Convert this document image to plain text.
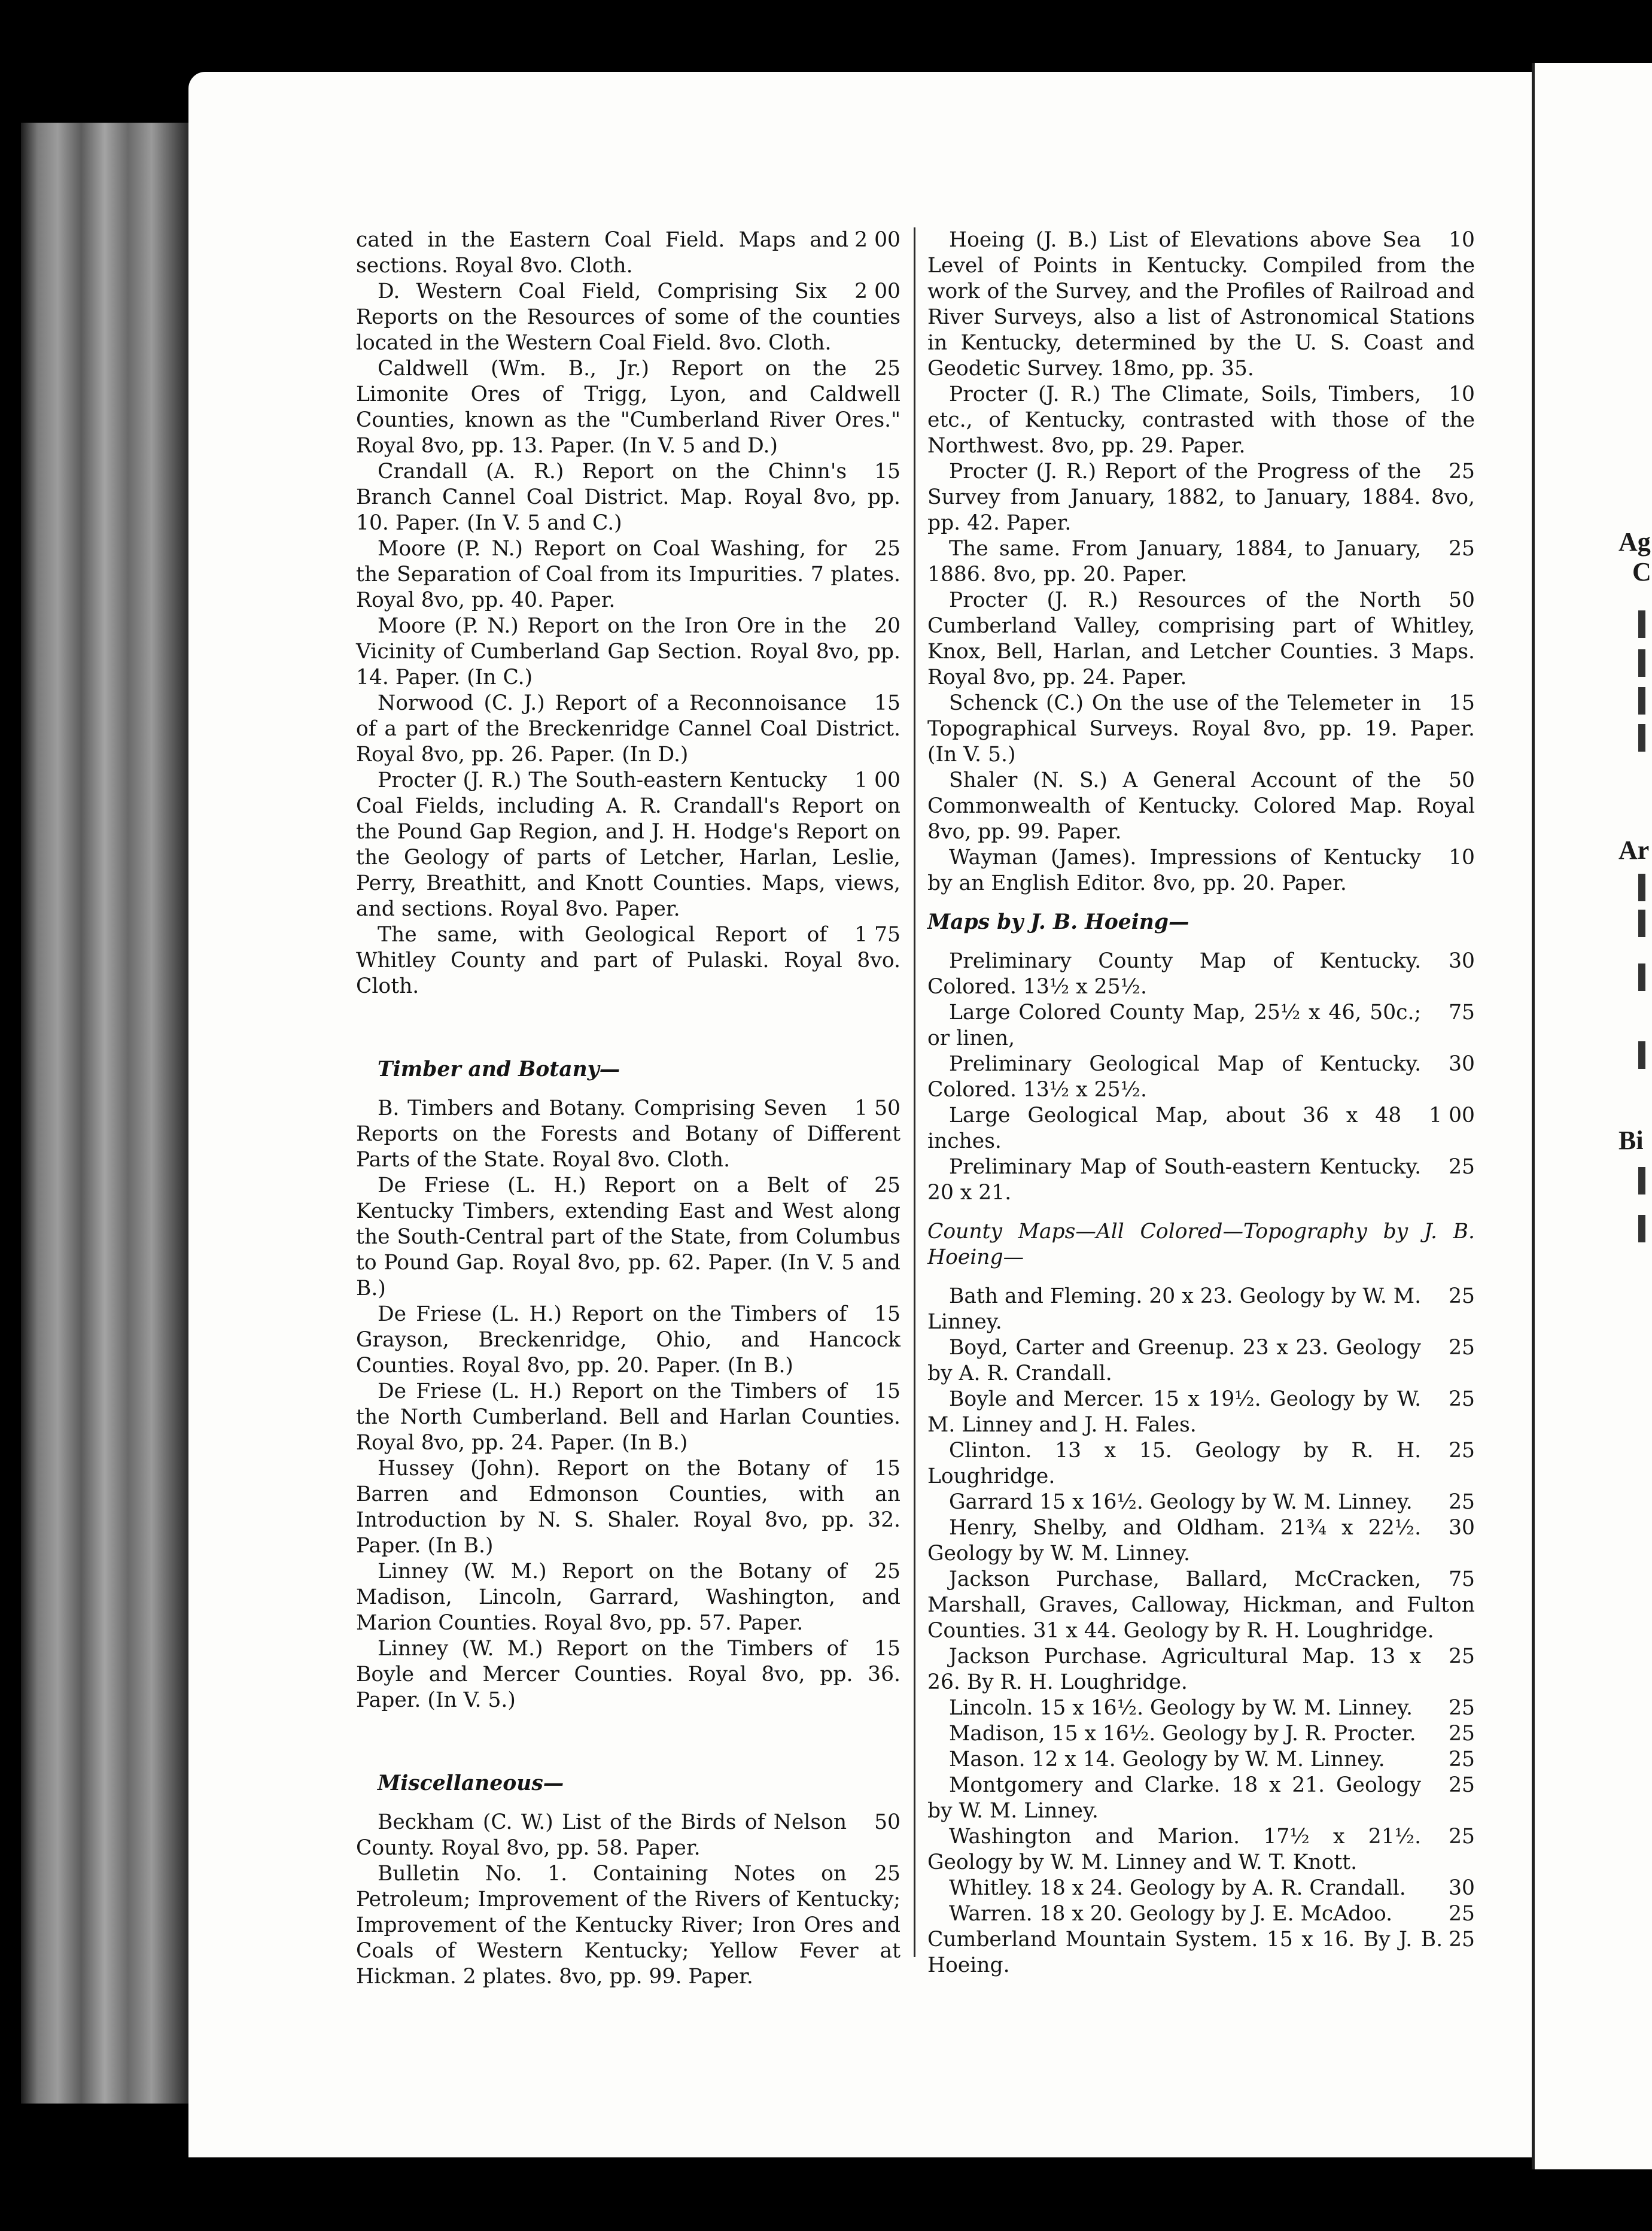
Ag
C
Ar
Bi

2 00
cated in the Eastern Coal Field. Maps and sections. Royal 8vo. Cloth.

2 00
D. Western Coal Field, Comprising Six Reports on the Resources of some of the counties located in the Western Coal Field. 8vo. Cloth.

25
Caldwell (Wm. B., Jr.) Report on the Limonite Ores of Trigg, Lyon, and Caldwell Counties, known as the "Cumberland River Ores." Royal 8vo, pp. 13. Paper. (In V. 5 and D.)

15
Crandall (A. R.) Report on the Chinn's Branch Cannel Coal District. Map. Royal 8vo, pp. 10. Paper. (In V. 5 and C.)

25
Moore (P. N.) Report on Coal Washing, for the Separation of Coal from its Impurities. 7 plates. Royal 8vo, pp. 40. Paper.

20
Moore (P. N.) Report on the Iron Ore in the Vicinity of Cumberland Gap Section. Royal 8vo, pp. 14. Paper. (In C.)

15
Norwood (C. J.) Report of a Reconnoisance of a part of the Breckenridge Cannel Coal District. Royal 8vo, pp. 26. Paper. (In D.)

1 00
Procter (J. R.) The South-eastern Kentucky Coal Fields, including A. R. Crandall's Report on the Pound Gap Region, and J. H. Hodge's Report on the Geology of parts of Letcher, Harlan, Leslie, Perry, Breathitt, and Knott Counties. Maps, views, and sections. Royal 8vo. Paper.

1 75
The same, with Geological Report of Whitley County and part of Pulaski. Royal 8vo. Cloth.

Timber and Botany—

1 50
B. Timbers and Botany. Comprising Seven Reports on the Forests and Botany of Different Parts of the State. Royal 8vo. Cloth.

25
De Friese (L. H.) Report on a Belt of Kentucky Timbers, extending East and West along the South-Central part of the State, from Columbus to Pound Gap. Royal 8vo, pp. 62. Paper. (In V. 5 and B.)

15
De Friese (L. H.) Report on the Timbers of Grayson, Breckenridge, Ohio, and Hancock Counties. Royal 8vo, pp. 20. Paper. (In B.)

15
De Friese (L. H.) Report on the Timbers of the North Cumberland. Bell and Harlan Counties. Royal 8vo, pp. 24. Paper. (In B.)

15
Hussey (John). Report on the Botany of Barren and Edmonson Counties, with an Introduction by N. S. Shaler. Royal 8vo, pp. 32. Paper. (In B.)

25
Linney (W. M.) Report on the Botany of Madison, Lincoln, Garrard, Washington, and Marion Counties. Royal 8vo, pp. 57. Paper.

15
Linney (W. M.) Report on the Timbers of Boyle and Mercer Counties. Royal 8vo, pp. 36. Paper. (In V. 5.)

Miscellaneous—

50
Beckham (C. W.) List of the Birds of Nelson County. Royal 8vo, pp. 58. Paper.

25
Bulletin No. 1. Containing Notes on Petroleum; Improvement of the Rivers of Kentucky; Improvement of the Kentucky River; Iron Ores and Coals of Western Kentucky; Yellow Fever at Hickman. 2 plates. 8vo, pp. 99. Paper.

10
Hoeing (J. B.) List of Elevations above Sea Level of Points in Kentucky. Compiled from the work of the Survey, and the Profiles of Railroad and River Surveys, also a list of Astronomical Stations in Kentucky, determined by the U. S. Coast and Geodetic Survey. 18mo, pp. 35.

10
Procter (J. R.) The Climate, Soils, Timbers, etc., of Kentucky, contrasted with those of the Northwest. 8vo, pp. 29. Paper.

25
Procter (J. R.) Report of the Progress of the Survey from January, 1882, to January, 1884. 8vo, pp. 42. Paper.

25
The same. From January, 1884, to January, 1886. 8vo, pp. 20. Paper.

50
Procter (J. R.) Resources of the North Cumberland Valley, comprising part of Whitley, Knox, Bell, Harlan, and Letcher Counties. 3 Maps. Royal 8vo, pp. 24. Paper.

15
Schenck (C.) On the use of the Telemeter in Topographical Surveys. Royal 8vo, pp. 19. Paper. (In V. 5.)

50
Shaler (N. S.) A General Account of the Commonwealth of Kentucky. Colored Map. Royal 8vo, pp. 99. Paper.

10
Wayman (James). Impressions of Kentucky by an English Editor. 8vo, pp. 20. Paper.

Maps by J. B. Hoeing—

30
Preliminary County Map of Kentucky. Colored. 13½ x 25½.

75
Large Colored County Map, 25½ x 46, 50c.; or linen,

30
Preliminary Geological Map of Kentucky. Colored. 13½ x 25½.

1 00
Large Geological Map, about 36 x 48 inches.

25
Preliminary Map of South-eastern Kentucky. 20 x 21.

County Maps—All Colored—Topography by J. B. Hoeing—

25
Bath and Fleming. 20 x 23. Geology by W. M. Linney.

25
Boyd, Carter and Greenup. 23 x 23. Geology by A. R. Crandall.

25
Boyle and Mercer. 15 x 19½. Geology by W. M. Linney and J. H. Fales.

25
Clinton. 13 x 15. Geology by R. H. Loughridge.

25
Garrard 15 x 16½. Geology by W. M. Linney.

30
Henry, Shelby, and Oldham. 21¾ x 22½. Geology by W. M. Linney.

75
Jackson Purchase, Ballard, McCracken, Marshall, Graves, Calloway, Hickman, and Fulton Counties. 31 x 44. Geology by R. H. Loughridge.

25
Jackson Purchase. Agricultural Map. 13 x 26. By R. H. Loughridge.

25
Lincoln. 15 x 16½. Geology by W. M. Linney.

25
Madison, 15 x 16½. Geology by J. R. Procter.

25
Mason. 12 x 14. Geology by W. M. Linney.

25
Montgomery and Clarke. 18 x 21. Geology by W. M. Linney.

25
Washington and Marion. 17½ x 21½. Geology by W. M. Linney and W. T. Knott.

30
Whitley. 18 x 24. Geology by A. R. Crandall.

25
Warren. 18 x 20. Geology by J. E. McAdoo.

25
Cumberland Mountain System. 15 x 16. By J. B. Hoeing.
